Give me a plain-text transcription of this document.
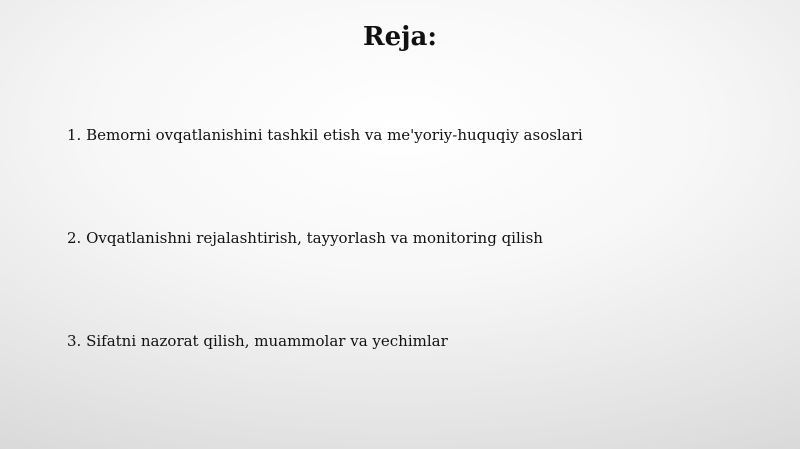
Reja:
1. Bemorni ovqatlanishini tashkil etish va me'yoriy-huquqiy asoslari
2. Ovqatlanishni rejalashtirish, tayyorlash va monitoring qilish
3. Sifatni nazorat qilish, muammolar va yechimlar
